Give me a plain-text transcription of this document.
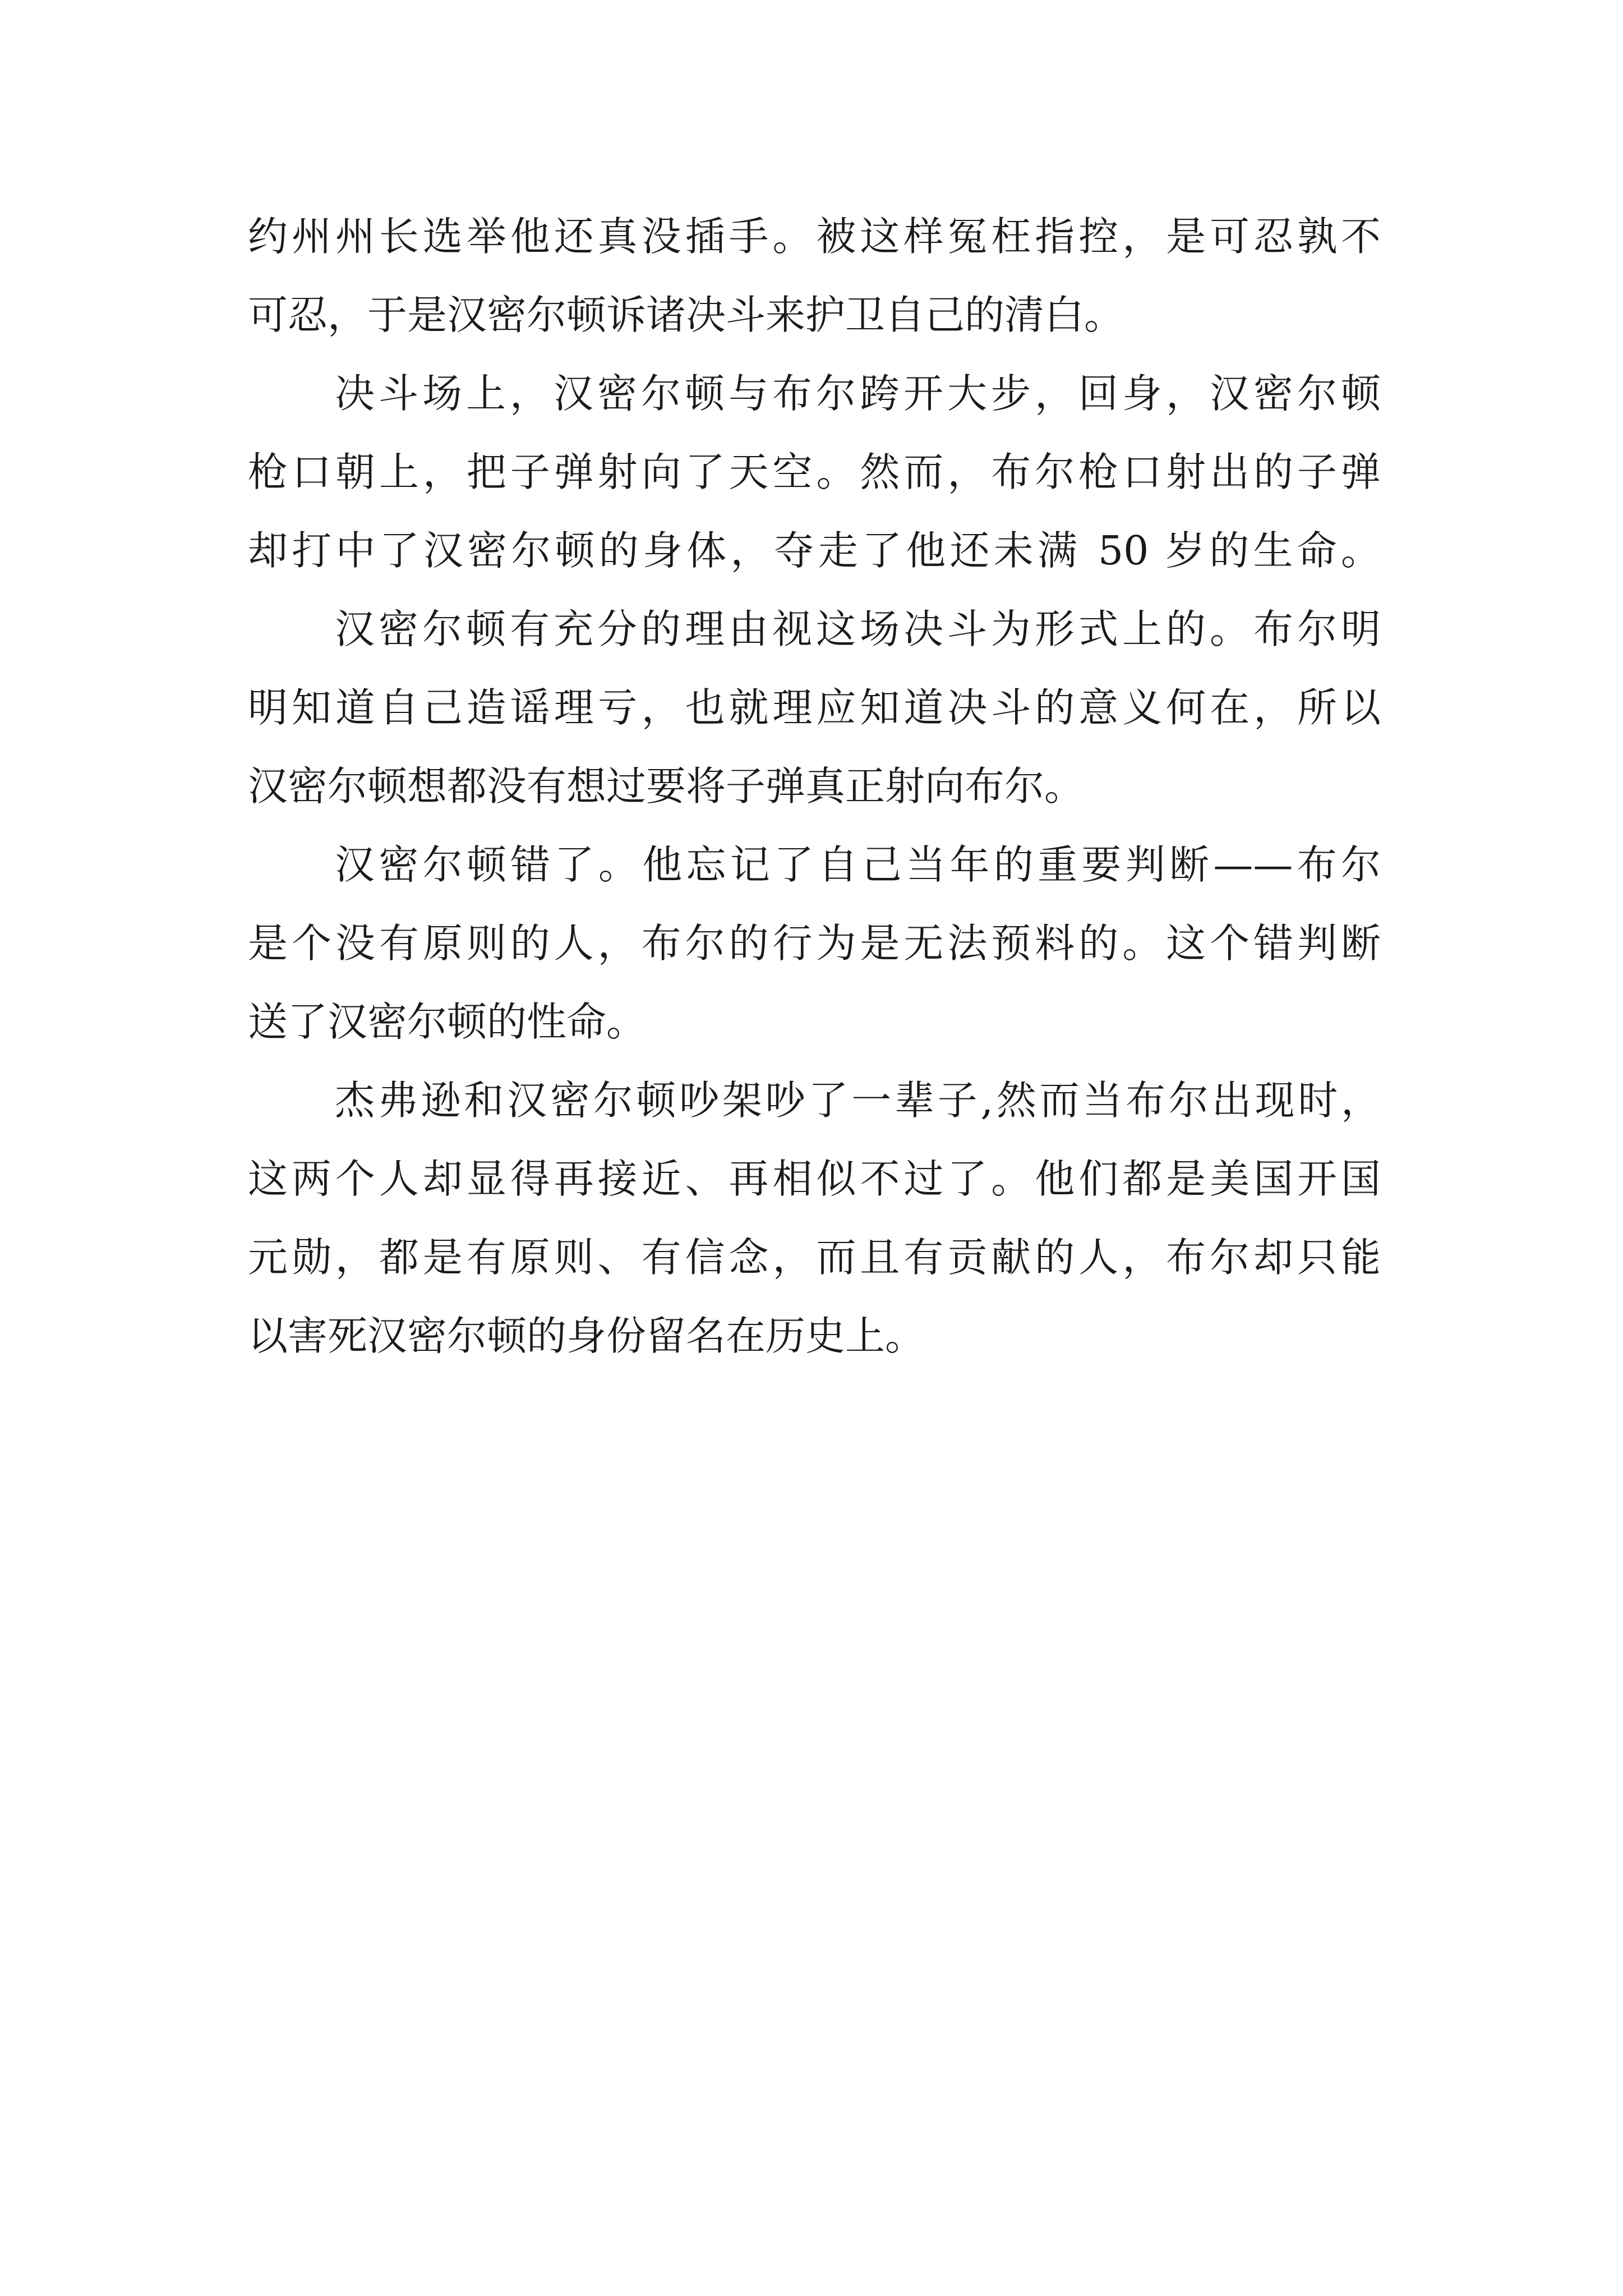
约州州长选举他还真没插手。被这样冤枉指控，是可忍孰不

可忍，于是汉密尔顿诉诸决斗来护卫自己的清白。

决斗场上，汉密尔顿与布尔跨开大步，回身，汉密尔顿

枪口朝上，把子弹射向了天空。然而，布尔枪口射出的子弹

却打中了汉密尔顿的身体，夺走了他还未满 50 岁的生命。

汉密尔顿有充分的理由视这场决斗为形式上的。布尔明

明知道自己造谣理亏，也就理应知道决斗的意义何在，所以

汉密尔顿想都没有想过要将子弹真正射向布尔。

汉密尔顿错了。他忘记了自己当年的重要判断——布尔

是个没有原则的人，布尔的行为是无法预料的。这个错判断

送了汉密尔顿的性命。

杰弗逊和汉密尔顿吵架吵了一辈子,然而当布尔出现时，

这两个人却显得再接近、再相似不过了。他们都是美国开国

元勋，都是有原则、有信念，而且有贡献的人，布尔却只能

以害死汉密尔顿的身份留名在历史上。
